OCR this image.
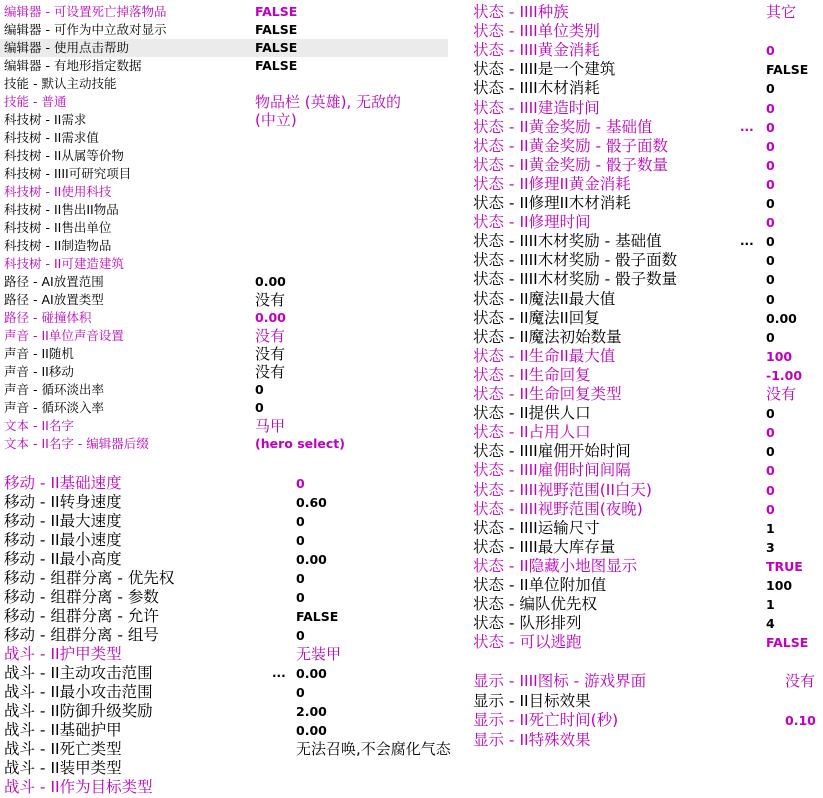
编辑器 - 可设置死亡掉落物品	FALSE
编辑器 - 可作为中立敌对显示	FALSE
编辑器 - 使用点击帮助	FALSE
编辑器 - 有地形指定数据	FALSE
技能 - 默认主动技能
技能 - 普通	物品栏 (英雄), 无敌的 (中立)
科技树 - II需求
科技树 - II需求值
科技树 - II从属等价物
科技树 - IIII可研究项目
科技树 - II使用科技
科技树 - II售出II物品
科技树 - II售出单位
科技树 - II制造物品
科技树 - II可建造建筑
路径 - AI放置范围	0.00
路径 - AI放置类型	没有
路径 - 碰撞体积	0.00
声音 - II单位声音设置	没有
声音 - II随机	没有
声音 - II移动	没有
声音 - 循环淡出率	0
声音 - 循环淡入率	0
文本 - II名字	马甲
文本 - II名字 - 编辑器后缀	(hero select)
移动 - II基础速度	0
移动 - II转身速度	0.60
移动 - II最大速度	0
移动 - II最小速度	0
移动 - II最小高度	0.00
移动 - 组群分离 - 优先权	0
移动 - 组群分离 - 参数	0
移动 - 组群分离 - 允许	FALSE
移动 - 组群分离 - 组号	0
战斗 - II护甲类型	无装甲
战斗 - II主动攻击范围	... 0.00
战斗 - II最小攻击范围	0
战斗 - II防御升级奖励	2.00
战斗 - II基础护甲	0.00
战斗 - II死亡类型	无法召唤,不会腐化气态
战斗 - II装甲类型
战斗 - II作为目标类型
状态 - IIII种族	其它
状态 - IIII单位类别
状态 - IIII黄金消耗	0
状态 - IIII是一个建筑	FALSE
状态 - IIII木材消耗	0
状态 - IIII建造时间	0
状态 - II黄金奖励 - 基础值	... 0
状态 - II黄金奖励 - 骰子面数	0
状态 - II黄金奖励 - 骰子数量	0
状态 - II修理II黄金消耗	0
状态 - II修理II木材消耗	0
状态 - II修理时间	0
状态 - IIII木材奖励 - 基础值	... 0
状态 - IIII木材奖励 - 骰子面数	0
状态 - IIII木材奖励 - 骰子数量	0
状态 - II魔法II最大值	0
状态 - II魔法II回复	0.00
状态 - II魔法初始数量	0
状态 - II生命II最大值	100
状态 - II生命回复	-1.00
状态 - II生命回复类型	没有
状态 - II提供人口	0
状态 - II占用人口	0
状态 - IIII雇佣开始时间	0
状态 - IIII雇佣时间间隔	0
状态 - IIII视野范围(II白天)	0
状态 - IIII视野范围(夜晚)	0
状态 - IIII运输尺寸	1
状态 - IIII最大库存量	3
状态 - II隐藏小地图显示	TRUE
状态 - II单位附加值	100
状态 - 编队优先权	1
状态 - 队形排列	4
状态 - 可以逃跑	FALSE
显示 - IIII图标 - 游戏界面	没有
显示 - II目标效果
显示 - II死亡时间(秒)	0.10
显示 - II特殊效果
